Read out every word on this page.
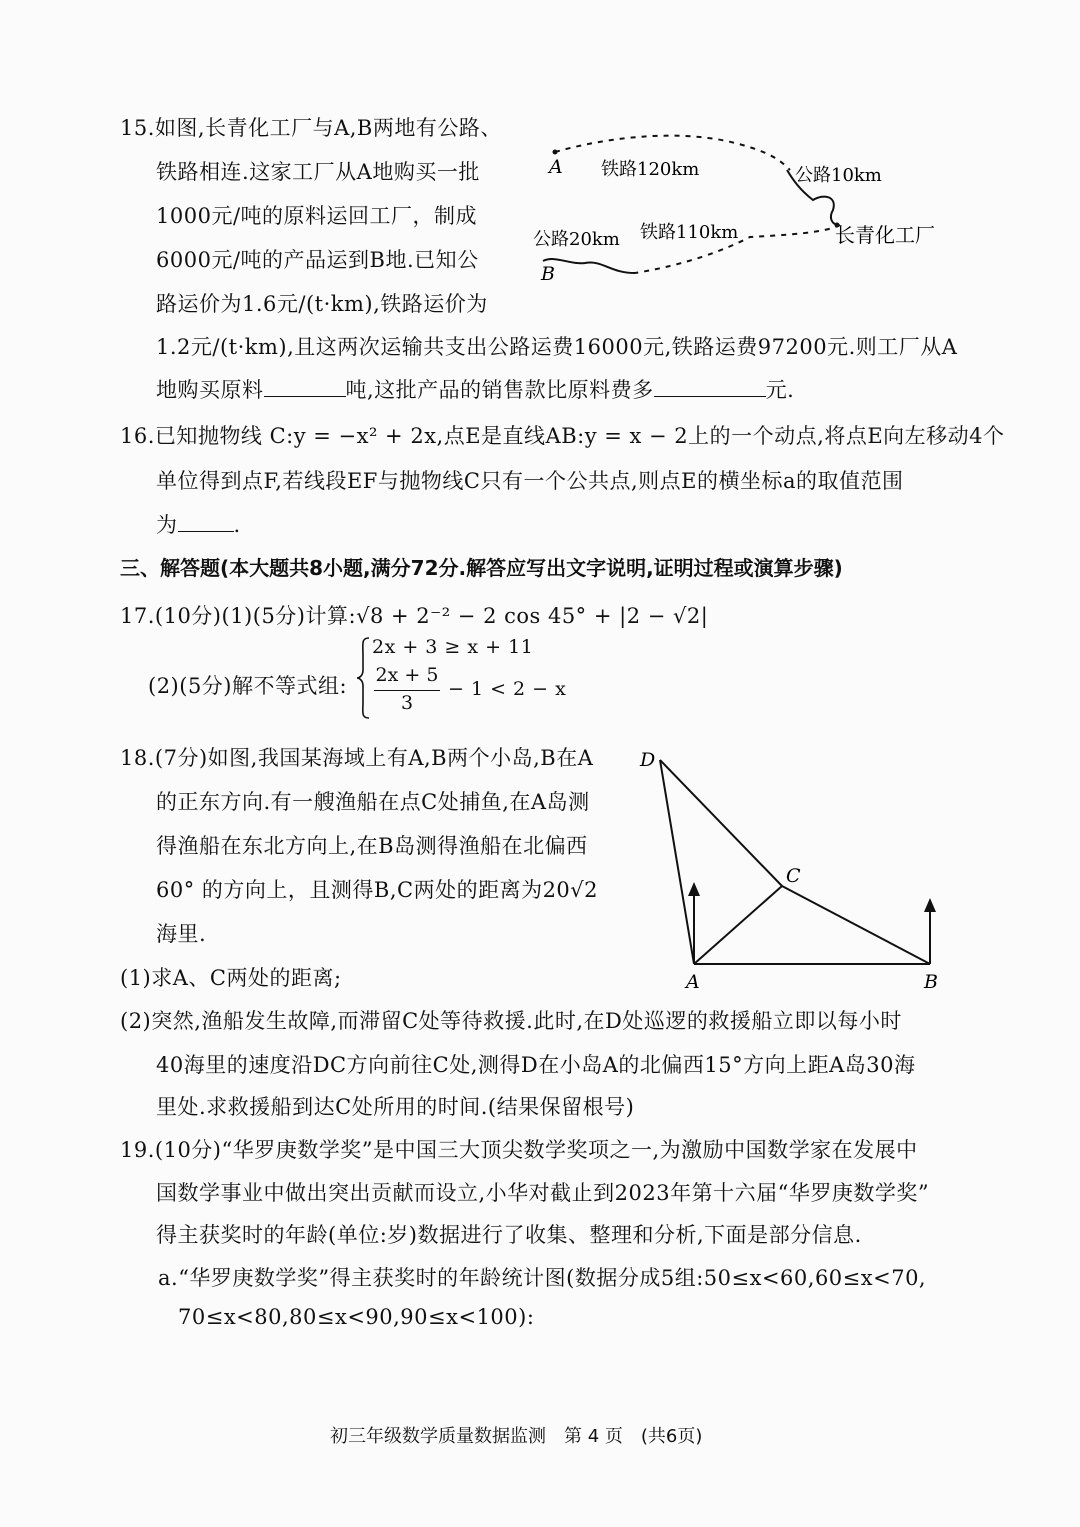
15.如图,长青化工厂与A,B两地有公路、
铁路相连.这家工厂从A地购买一批
1000元/吨的原料运回工厂，制成
6000元/吨的产品运到B地.已知公
路运价为1.6元/(t·km),铁路运价为
1.2元/(t·km),且这两次运输共支出公路运费16000元,铁路运费97200元.则工厂从A
地购买原料	吨,这批产品的销售款比原料费多	元.
A 铁路120km	公路10km
铁路110km
公路20km
B
长青化工厂
16.已知抛物线 C:y = −x² + 2x,点E是直线AB:y = x − 2上的一个动点,将点E向左移动4个
单位得到点F,若线段EF与抛物线C只有一个公共点,则点E的横坐标a的取值范围
为	.
三、解答题(本大题共8小题,满分72分.解答应写出文字说明,证明过程或演算步骤)
17.(10分)(1)(5分)计算:√8 + 2⁻² − 2 cos 45° + |2 − √2|
(2)(5分)解不等式组:
2x + 3 ≥ x + 11
2x + 5
3
− 1 < 2 − x
18.(7分)如图,我国某海域上有A,B两个小岛,B在A
的正东方向.有一艘渔船在点C处捕鱼,在A岛测
得渔船在东北方向上,在B岛测得渔船在北偏西
60° 的方向上，且测得B,C两处的距离为20√2
海里.
(1)求A、C两处的距离;
(2)突然,渔船发生故障,而滞留C处等待救援.此时,在D处巡逻的救援船立即以每小时
40海里的速度沿DC方向前往C处,测得D在小岛A的北偏西15°方向上距A岛30海
里处.求救援船到达C处所用的时间.(结果保留根号)
D
C
A	B
19.(10分)“华罗庚数学奖”是中国三大顶尖数学奖项之一,为激励中国数学家在发展中
国数学事业中做出突出贡献而设立,小华对截止到2023年第十六届“华罗庚数学奖”
得主获奖时的年龄(单位:岁)数据进行了收集、整理和分析,下面是部分信息.
a.“华罗庚数学奖”得主获奖时的年龄统计图(数据分成5组:50≤x<60,60≤x<70,
70≤x<80,80≤x<90,90≤x<100):
初三年级数学质量数据监测　第 4 页　(共6页)
